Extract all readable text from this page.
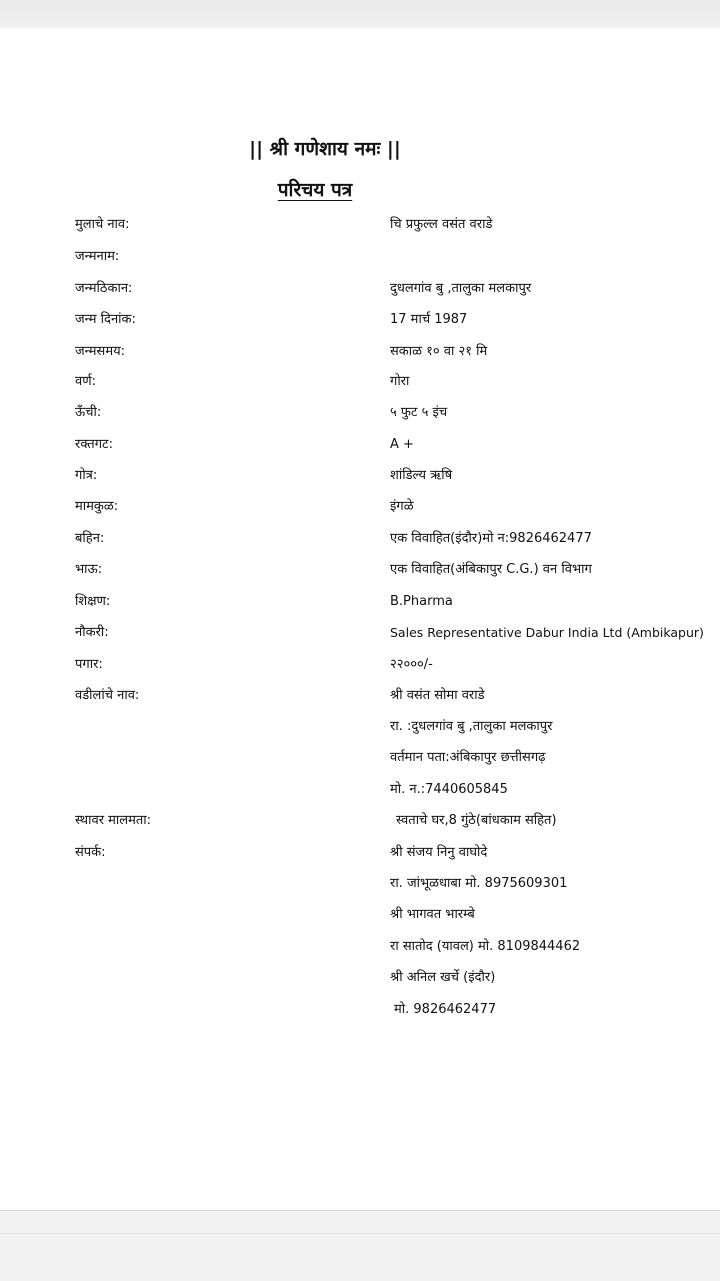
|| श्री गणेशाय नमः ||
परिचय पत्र
मुलाचे नाव:	चि प्रफुल्ल वसंत वराडे
जन्मनाम:
जन्मठिकान:	दुधलगांव बु ,तालुका मलकापुर
जन्म दिनांक:	17 मार्च 1987
जन्मसमय:	सकाळ १० वा २१ मि
वर्ण:	गोरा
ऊँची:	५ फुट ५ इंच
रक्तगट:	A +
गोत्र:	शांडिल्य ऋषि
मामकुळ:	इंगळे
बहिन:	एक विवाहित(इंदौर)मो न:9826462477
भाऊ:	एक विवाहित(अंबिकापुर C.G.) वन विभाग
शिक्षण:	B.Pharma
नौकरी:	Sales Representative Dabur India Ltd (Ambikapur)
पगार:	२२०००/-
वडीलांचे नाव:	श्री वसंत सोमा वराडे
रा. :दुधलगांव बु ,तालुका मलकापुर
वर्तमान पता:अंबिकापुर छत्तीसगढ़
मो. न.:7440605845
स्थावर मालमता:	स्वताचे घर,8 गुंठे(बांधकाम सहित)
संपर्क:	श्री संजय निनु वाघोदे
रा. जांभूळधाबा मो. 8975609301
श्री भागवत भारम्बे
रा सातोद (यावल) मो. 8109844462
श्री अनिल खर्चे (इंदौर)
मो. 9826462477
